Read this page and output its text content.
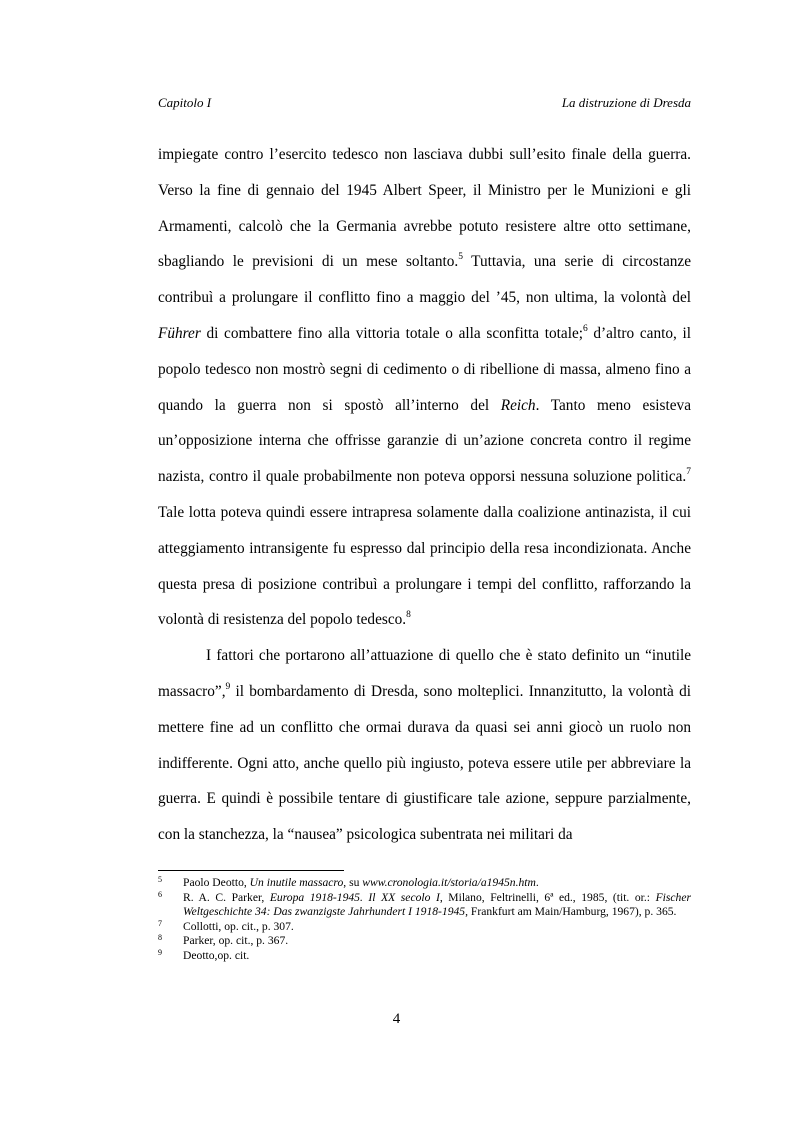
Capitolo I	La distruzione di Dresda

impiegate contro l’esercito tedesco non lasciava dubbi sull’esito finale della guerra. Verso la fine di gennaio del 1945 Albert Speer, il Ministro per le Munizioni e gli Armamenti, calcolò che la Germania avrebbe potuto resistere altre otto settimane, sbagliando le previsioni di un mese soltanto.$^5$ Tuttavia, una serie di circostanze contribuì a prolungare il conflitto fino a maggio del ’45, non ultima, la volontà del Führer di combattere fino alla vittoria totale o alla sconfitta totale;$^6$ d’altro canto, il popolo tedesco non mostrò segni di cedimento o di ribellione di massa, almeno fino a quando la guerra non si spostò all’interno del Reich. Tanto meno esisteva un’opposizione interna che offrisse garanzie di un’azione concreta contro il regime nazista, contro il quale probabilmente non poteva opporsi nessuna soluzione politica.$^7$ Tale lotta poteva quindi essere intrapresa solamente dalla coalizione antinazista, il cui atteggiamento intransigente fu espresso dal principio della resa incondizionata. Anche questa presa di posizione contribuì a prolungare i tempi del conflitto, rafforzando la volontà di resistenza del popolo tedesco.$^8$

I fattori che portarono all’attuazione di quello che è stato definito un “inutile massacro”,$^9$ il bombardamento di Dresda, sono molteplici. Innanzitutto, la volontà di mettere fine ad un conflitto che ormai durava da quasi sei anni giocò un ruolo non indifferente. Ogni atto, anche quello più ingiusto, poteva essere utile per abbreviare la guerra. E quindi è possibile tentare di giustificare tale azione, seppure parzialmente, con la stanchezza, la “nausea” psicologica subentrata nei militari da

5 Paolo Deotto, Un inutile massacro, su www.cronologia.it/storia/a1945n.htm.
6 R. A. C. Parker, Europa 1918-1945. Il XX secolo I, Milano, Feltrinelli, 6ª ed., 1985, (tit. or.: Fischer Weltgeschichte 34: Das zwanzigste Jahrhundert I 1918-1945, Frankfurt am Main/Hamburg, 1967), p. 365.
7 Collotti, op. cit., p. 307.
8 Parker, op. cit., p. 367.
9 Deotto,op. cit.
4
